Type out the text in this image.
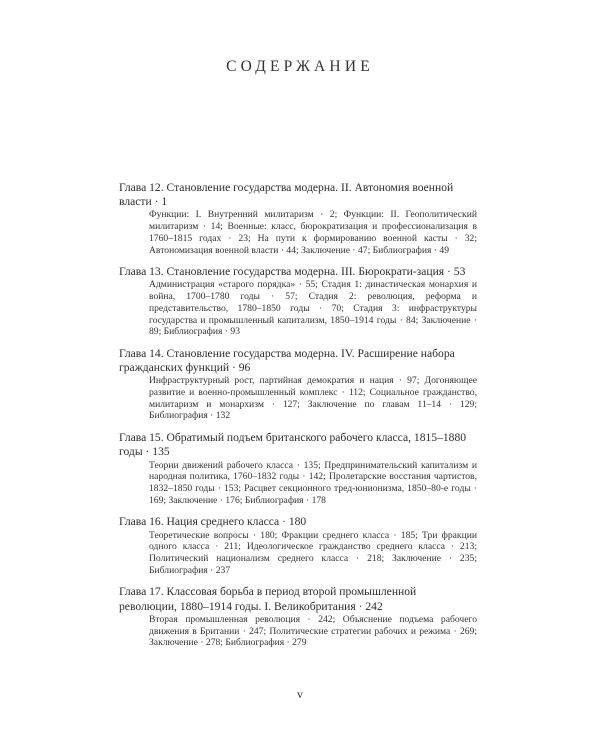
СОДЕРЖАНИЕ
Глава 12. Становление государства модерна. II. Автономия военной власти · 1
Функции: I. Внутренний милитаризм · 2; Функции: II. Геополитический милитаризм · 14; Военные: класс, бюрократизация и профессионализация в 1760–1815 годах · 23; На пути к формированию военной касты · 32; Автономизация военной власти · 44; Заключение · 47; Библиография · 49
Глава 13. Становление государства модерна. III. Бюрократи-зация · 53
Администрация «старого порядка» · 55; Стадия 1: династическая монархия и война, 1700–1780 годы · 57; Стадия 2: революция, реформа и представительство, 1780–1850 годы · 70; Стадия 3: инфраструктуры государства и промышленный капитализм, 1850–1914 годы · 84; Заключение · 89; Библиография · 93
Глава 14. Становление государства модерна. IV. Расширение набора гражданских функций · 96
Инфраструктурный рост, партийная демократия и нация · 97; Догоняющее развитие и военно-промышленный комплекс · 112; Социальное гражданство, милитаризм и монархизм · 127; Заключение по главам 11–14 · 129; Библиография · 132
Глава 15. Обратимый подъем британского рабочего класса, 1815–1880 годы · 135
Теории движений рабочего класса · 135; Предпринимательский капитализм и народная политика, 1760–1832 годы · 142; Пролетарские восстания чартистов, 1832–1850 годы · 153; Расцвет секционного тред-юнионизма, 1850–80-е годы · 169; Заключение · 176; Библиография · 178
Глава 16. Нация среднего класса · 180
Теоретические вопросы · 180; Фракции среднего класса · 185; Три фракции одного класса · 211; Идеологическое гражданство среднего класса · 213; Политический национализм среднего класса · 218; Заключение · 235; Библиография · 237
Глава 17. Классовая борьба в период второй промышленной революции, 1880–1914 годы. I. Великобритания · 242
Вторая промышленная революция · 242; Объяснение подъема рабочего движения в Британии · 247; Политические стратегии рабочих и режима · 269; Заключение · 278; Библиография · 279
v
